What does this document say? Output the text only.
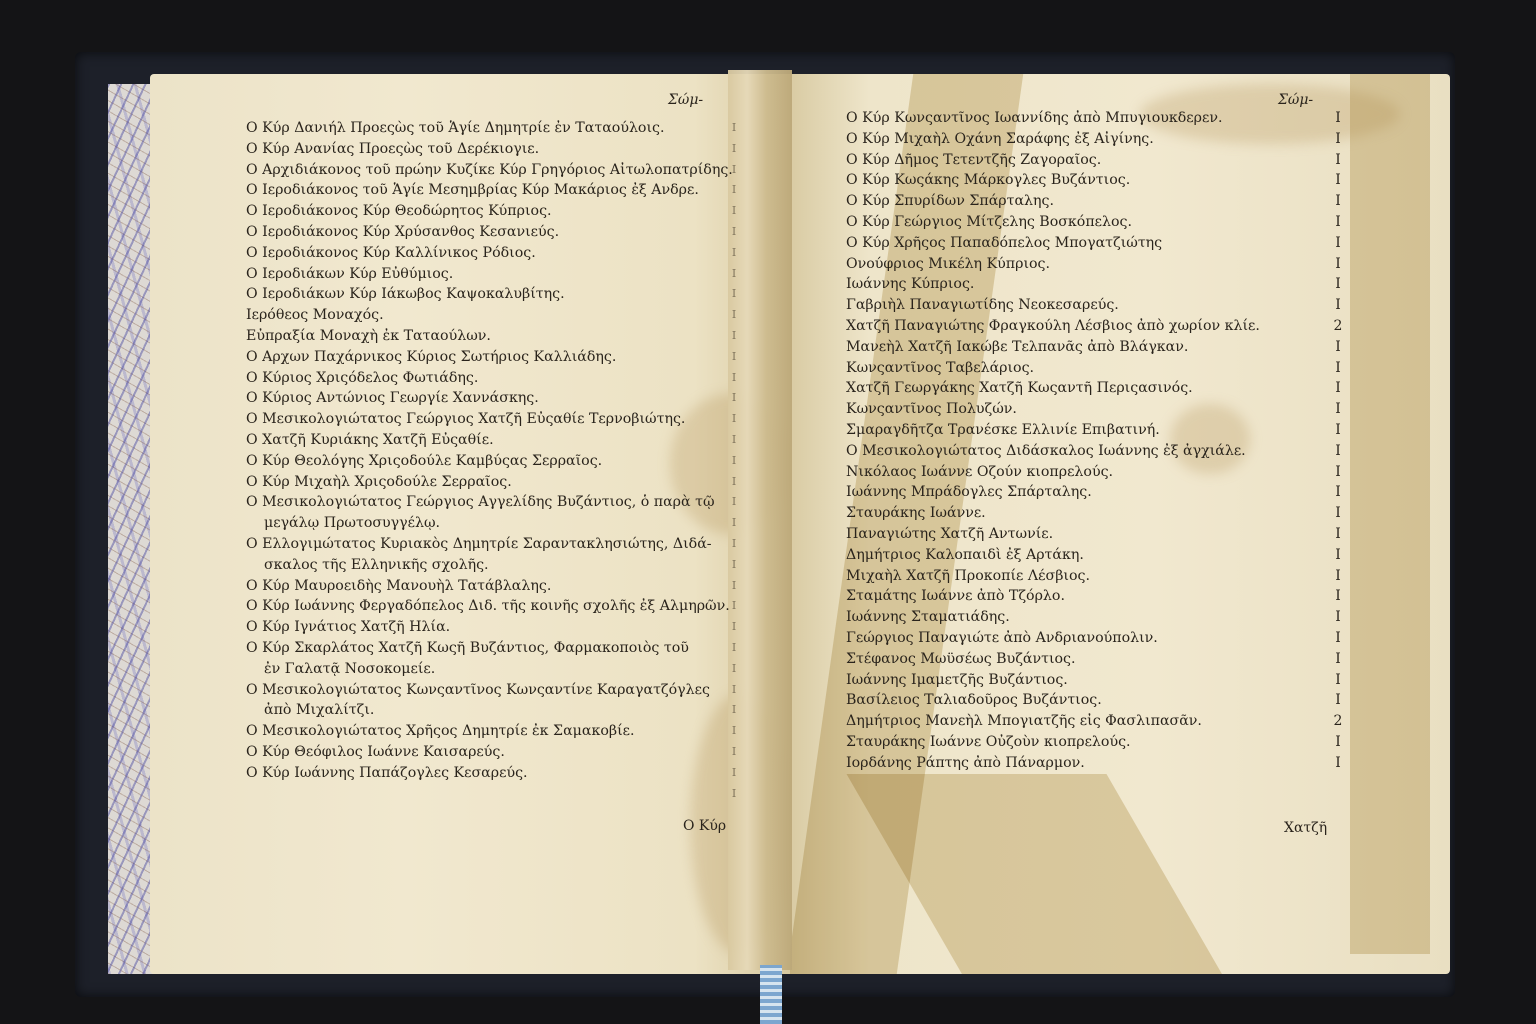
Σώμ-
Ο Κύρ Δανιήλ Προεςὼς τοῦ Ἁγίε Δημητρίε ἐν Ταταούλοις.
Ο Κύρ Ανανίας Προεςὼς τοῦ Δερέκιογιε.
Ο Αρχιδιάκονος τοῦ πρώην Κυζίκε Κύρ Γρηγόριος Αἰτωλοπατρίδης.
Ο Ιεροδιάκονος τοῦ Ἁγίε Μεσημβρίας Κύρ Μακάριος ἐξ Ανδρε.
Ο Ιεροδιάκονος Κύρ Θεοδώρητος Κύπριος.
Ο Ιεροδιάκονος Κύρ Χρύσανθος Κεσανιεύς.
Ο Ιεροδιάκονος Κύρ Καλλίνικος Ρόδιος.
Ο Ιεροδιάκων Κύρ Εὐθύμιος.
Ο Ιεροδιάκων Κύρ Ιάκωβος Καψοκαλυβίτης.
Ιερόθεος Μοναχός.
Εὐπραξία Μοναχὴ ἐκ Ταταούλων.
Ο Αρχων Παχάρνικος Κύριος Σωτήριος Καλλιάδης.
Ο Κύριος Χριςόδελος Φωτιάδης.
Ο Κύριος Αντώνιος Γεωργίε Χαννάσκης.
Ο Μεσικολογιώτατος Γεώργιος Χατζῆ Εὐςαθίε Τερνοβιώτης.
Ο Χατζῆ Κυριάκης Χατζῆ Εὐςαθίε.
Ο Κύρ Θεολόγης Χριςοδούλε Καμβύςας Σερραῖος.
Ο Κύρ Μιχαὴλ Χριςοδούλε Σερραῖος.
Ο Μεσικολογιώτατος Γεώργιος Αγγελίδης Βυζάντιος, ὁ παρὰ τῷ
μεγάλῳ Πρωτοσυγγέλῳ.
Ο Ελλογιμώτατος Κυριακὸς Δημητρίε Σαραντακλησιώτης, Διδά-
σκαλος τῆς Ελληνικῆς σχολῆς.
Ο Κύρ Μαυροειδὴς Μανουὴλ Τατάβλαλης.
Ο Κύρ Ιωάννης Φεργαδόπελος Διδ. τῆς κοινῆς σχολῆς ἐξ Αλμηρῶν.
Ο Κύρ Ιγνάτιος Χατζῆ Ηλία.
Ο Κύρ Σκαρλάτος Χατζῆ Κωςῆ Βυζάντιος, Φαρμακοποιὸς τοῦ
ἐν Γαλατᾷ Νοσοκομείε.
Ο Μεσικολογιώτατος Κωνςαντῖνος Κωνςαντίνε Καραγατζόγλες
ἀπὸ Μιχαλίτζι.
Ο Μεσικολογιώτατος Χρῆςος Δημητρίε ἐκ Σαμακοβίε.
Ο Κύρ Θεόφιλος Ιωάννε Καισαρεύς.
Ο Κύρ Ιωάννης Παπάζογλες Κεσαρεύς.
Ο Κύρ
I
I
I
I
I
I
I
I
I
I
I
I
I
I
I
I
I
I
I
I
I
I
I
I
I
I
I
I
I
I
I
I
I
Σώμ-
Ο Κύρ Κωνςαντῖνος Ιωαννίδης ἀπὸ Μπυγιουκδερεν.
Ο Κύρ Μιχαὴλ Οχάνη Σαράφης ἐξ Αἰγίνης.
Ο Κύρ Δῆμος Τετεντζῆς Ζαγοραῖος.
Ο Κύρ Κωςάκης Μάρκογλες Βυζάντιος.
Ο Κύρ Σπυρίδων Σπάρταλης.
Ο Κύρ Γεώργιος Μίτζελης Βοσκόπελος.
Ο Κύρ Χρῆςος Παπαδόπελος Μπογατζιώτης
Ονούφριος Μικέλη Κύπριος.
Ιωάννης Κύπριος.
Γαβριὴλ Παναγιωτίδης Νεοκεσαρεύς.
Χατζῆ Παναγιώτης Φραγκούλη Λέσβιος ἀπὸ χωρίον κλίε.
Μανεὴλ Χατζῆ Ιακώβε Τελπανᾶς ἀπὸ Βλάγκαν.
Κωνςαντῖνος Ταβελάριος.
Χατζῆ Γεωργάκης Χατζῆ Κωςαντῆ Περιςασινός.
Κωνςαντῖνος Πολυζών.
Σμαραγδῆτζα Τρανέσκε Ελλινίε Επιβατινή.
Ο Μεσικολογιώτατος Διδάσκαλος Ιωάννης ἐξ ἀγχιάλε.
Νικόλαος Ιωάννε Οζούν κιοπρελούς.
Ιωάννης Μπράδογλες Σπάρταλης.
Σταυράκης Ιωάννε.
Παναγιώτης Χατζῆ Αντωνίε.
Δημήτριος Καλοπαιδὶ ἐξ Αρτάκη.
Μιχαὴλ Χατζῆ Προκοπίε Λέσβιος.
Σταμάτης Ιωάννε ἀπὸ Τζόρλο.
Ιωάννης Σταματιάδης.
Γεώργιος Παναγιώτε ἀπὸ Ανδριανούπολιν.
Στέφανος Μωϋσέως Βυζάντιος.
Ιωάννης Ιμαμετζῆς Βυζάντιος.
Βασίλειος Ταλιαδοῦρος Βυζάντιος.
Δημήτριος Μανεὴλ Μπογιατζῆς εἰς Φασλιπασᾶν.
Σταυράκης Ιωάννε Οὐζοὺν κιοπρελούς.
Ιορδάνης Ράπτης ἀπὸ Πάναρμον.
I
I
I
I
I
I
I
I
I
I
2
I
I
I
I
I
I
I
I
I
I
I
I
I
I
I
I
I
I
2
I
I
Χατζῆ
